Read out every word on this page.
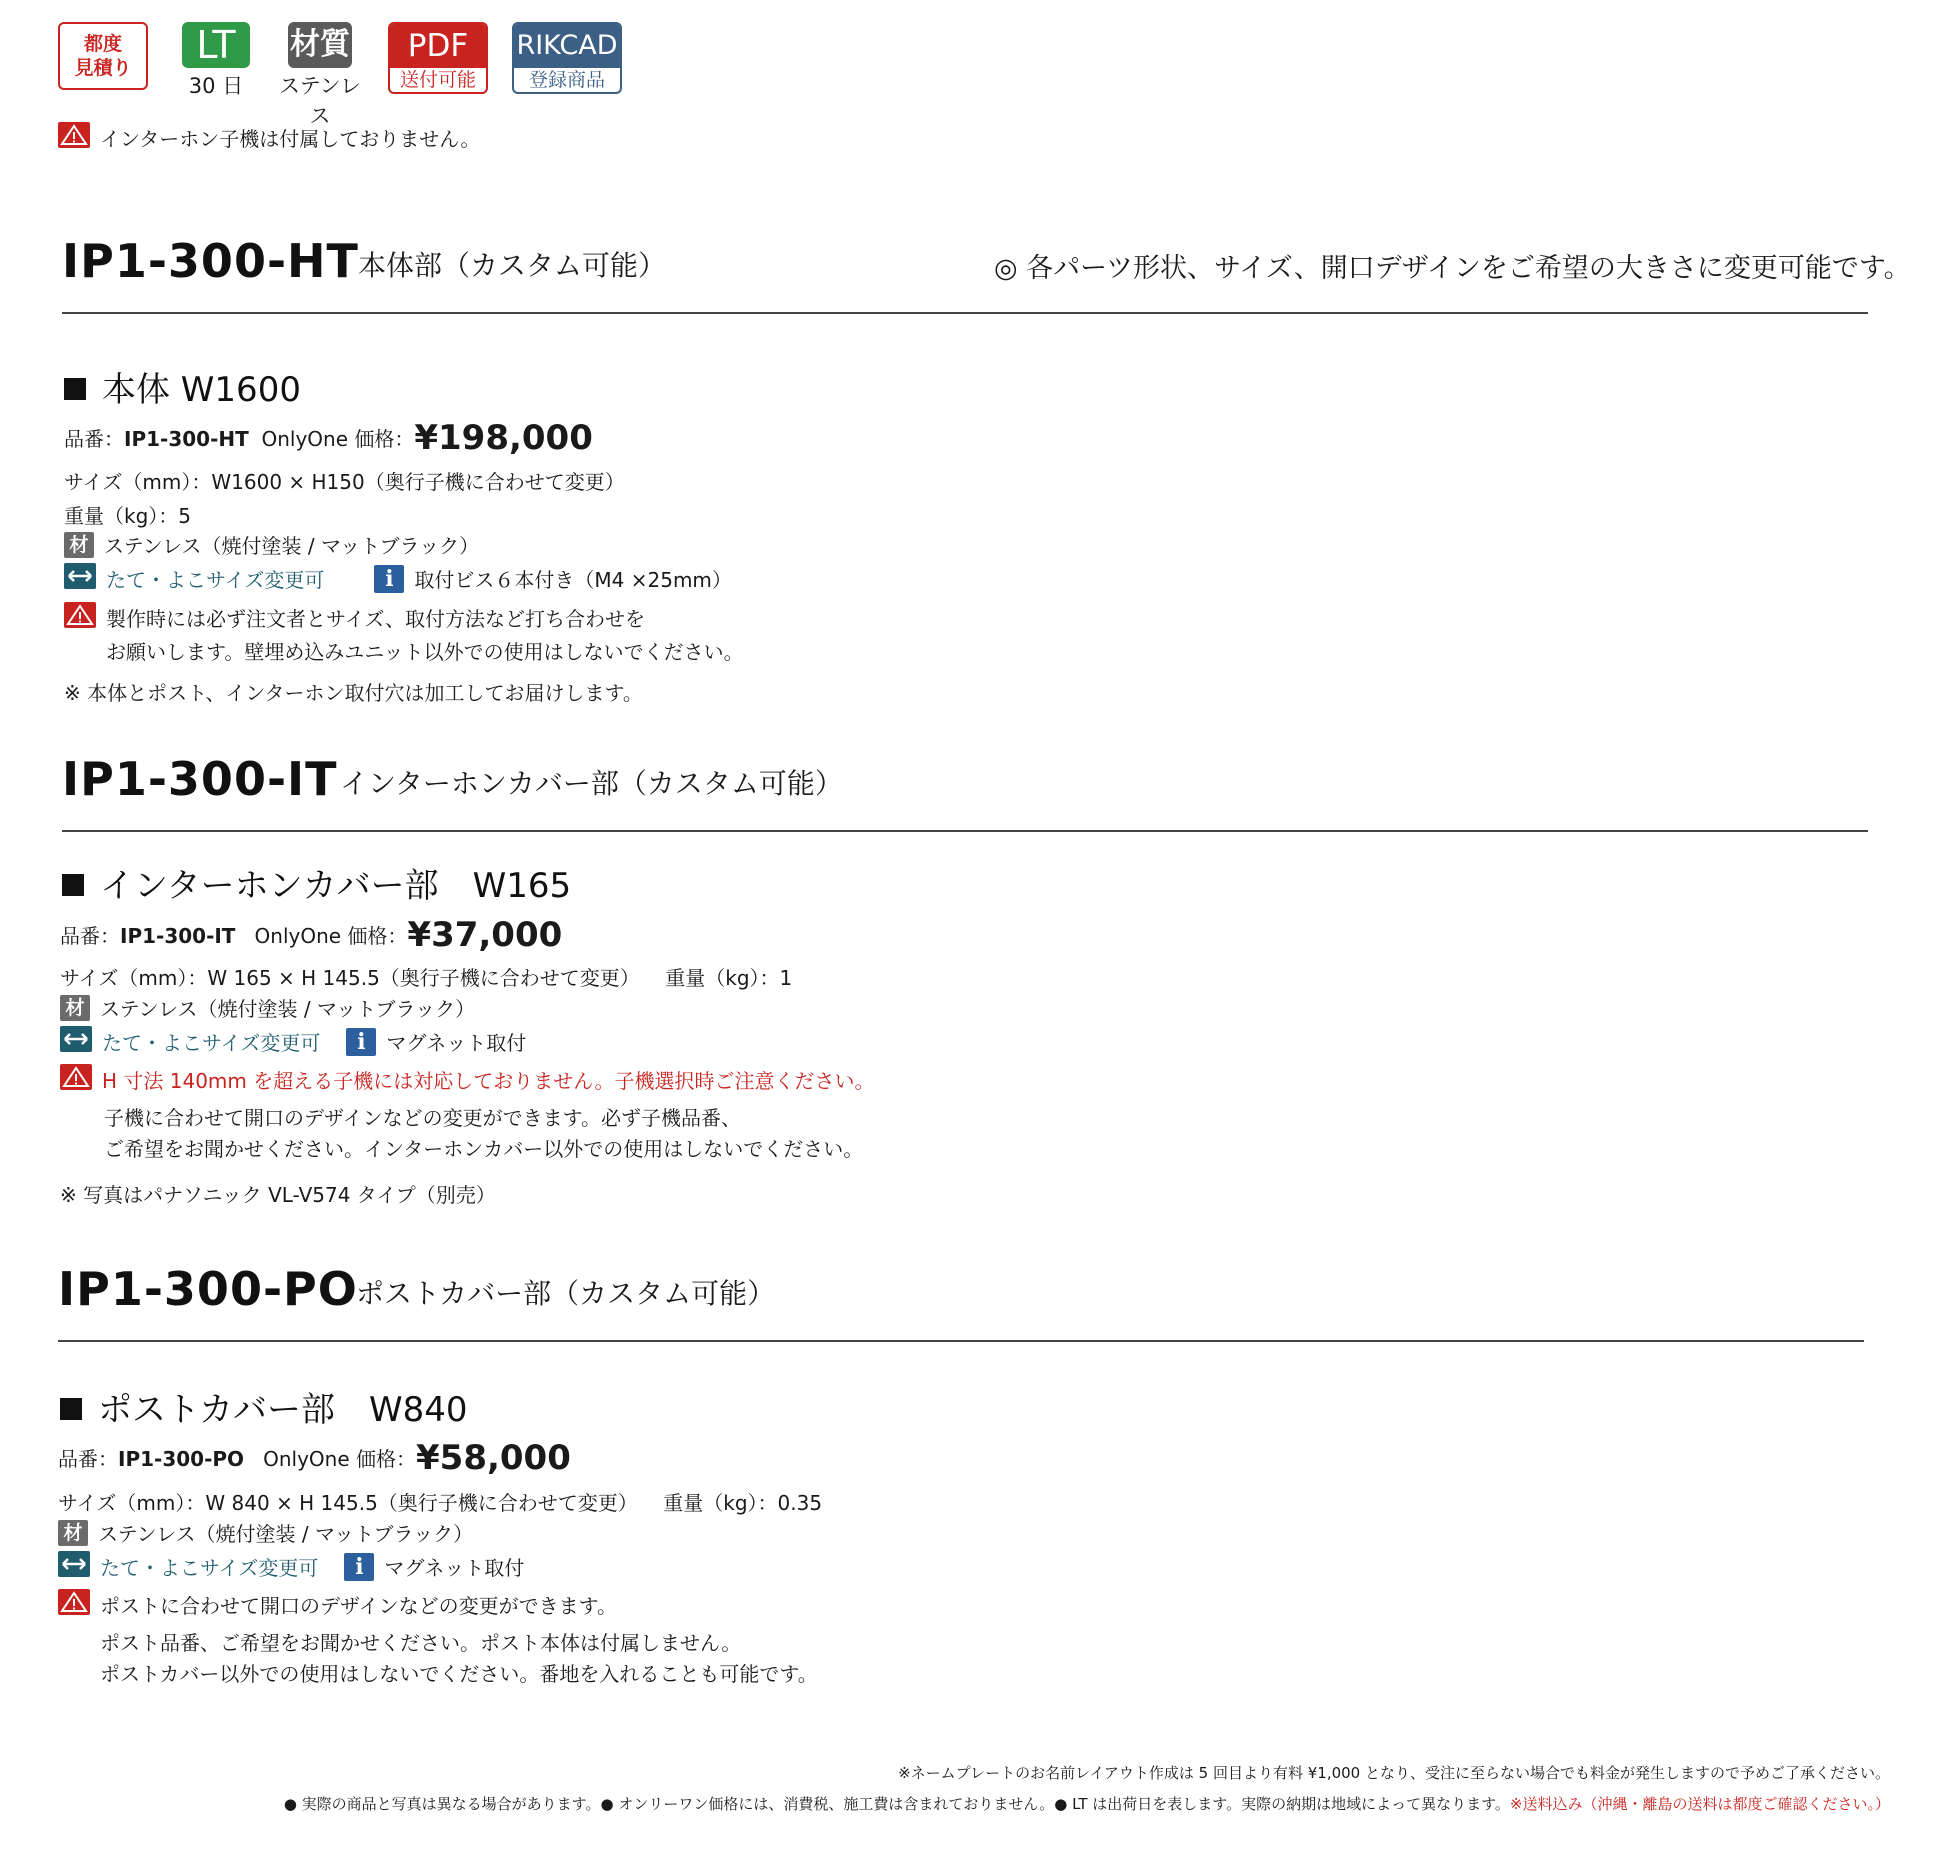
都度
見積り
LT
30 日
材質
ステンレス
PDF
送付可能
RIKCAD
登録商品
インターホン子機は付属しておりません。
IP1-300-HT 本体部（カスタム可能）	◎ 各パーツ形状、サイズ、開口デザインをご希望の大きさに変更可能です。
本体 W1600
品番：IP1-300-HT OnlyOne 価格：¥198,000
サイズ（mm）：W1600 × H150（奥行子機に合わせて変更）
重量（kg）：5
材 ステンレス（焼付塗装 / マットブラック）
たて・よこサイズ変更可	i	取付ビス６本付き（M4 ×25mm）
製作時には必ず注文者とサイズ、取付方法など打ち合わせを
お願いします。壁埋め込みユニット以外での使用はしないでください。
※ 本体とポスト、インターホン取付穴は加工してお届けします。
IP1-300-IT インターホンカバー部（カスタム可能）
インターホンカバー部　W165
品番：IP1-300-IT OnlyOne 価格：¥37,000
サイズ（mm）：W 165 × H 145.5（奥行子機に合わせて変更） 重量（kg）：1
材 ステンレス（焼付塗装 / マットブラック）
たて・よこサイズ変更可	i	マグネット取付
H 寸法 140mm を超える子機には対応しておりません。子機選択時ご注意ください。
子機に合わせて開口のデザインなどの変更ができます。必ず子機品番、
ご希望をお聞かせください。インターホンカバー以外での使用はしないでください。
※ 写真はパナソニック VL-V574 タイプ（別売）
IP1-300-PO
ポストカバー部（カスタム可能）
ポストカバー部　W840
品番：IP1-300-PO OnlyOne 価格：¥58,000
サイズ（mm）：W 840 × H 145.5（奥行子機に合わせて変更） 重量（kg）：0.35
材 ステンレス（焼付塗装 / マットブラック）
たて・よこサイズ変更可	i	マグネット取付
ポストに合わせて開口のデザインなどの変更ができます。
ポスト品番、ご希望をお聞かせください。ポスト本体は付属しません。
ポストカバー以外での使用はしないでください。番地を入れることも可能です。
※ネームプレートのお名前レイアウト作成は 5 回目より有料 ¥1,000 となり、受注に至らない場合でも料金が発生しますので予めご了承ください。
● 実際の商品と写真は異なる場合があります。● オンリーワン価格には、消費税、施工費は含まれておりません。● LT は出荷日を表します。実際の納期は地域によって異なります。※送料込み（沖縄・離島の送料は都度ご確認ください。）
